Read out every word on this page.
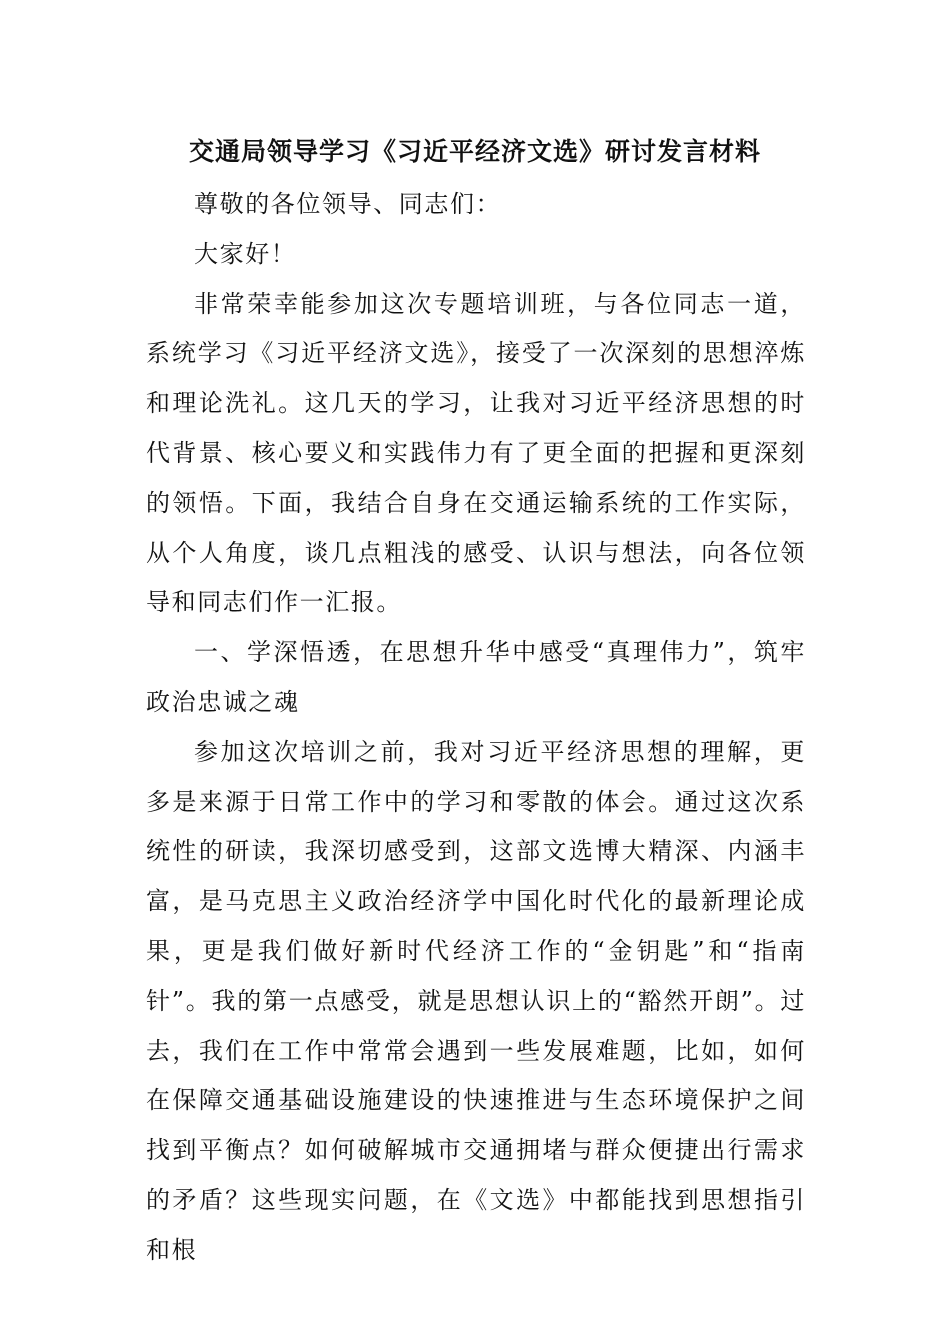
交通局领导学习《习近平经济文选》研讨发言材料

尊敬的各位领导、同志们：

大家好！

非常荣幸能参加这次专题培训班，与各位同志一道，系统学习《习近平经济文选》，接受了一次深刻的思想淬炼和理论洗礼。这几天的学习，让我对习近平经济思想的时代背景、核心要义和实践伟力有了更全面的把握和更深刻的领悟。下面，我结合自身在交通运输系统的工作实际，从个人角度，谈几点粗浅的感受、认识与想法，向各位领导和同志们作一汇报。

一、学深悟透，在思想升华中感受“真理伟力”，筑牢政治忠诚之魂

参加这次培训之前，我对习近平经济思想的理解，更多是来源于日常工作中的学习和零散的体会。通过这次系统性的研读，我深切感受到，这部文选博大精深、内涵丰富，是马克思主义政治经济学中国化时代化的最新理论成果，更是我们做好新时代经济工作的“金钥匙”和“指南针”。我的第一点感受，就是思想认识上的“豁然开朗”。过去，我们在工作中常常会遇到一些发展难题，比如，如何在保障交通基础设施建设的快速推进与生态环境保护之间找到平衡点？如何破解城市交通拥堵与群众便捷出行需求的矛盾？这些现实问题，在《文选》中都能找到思想指引和根
